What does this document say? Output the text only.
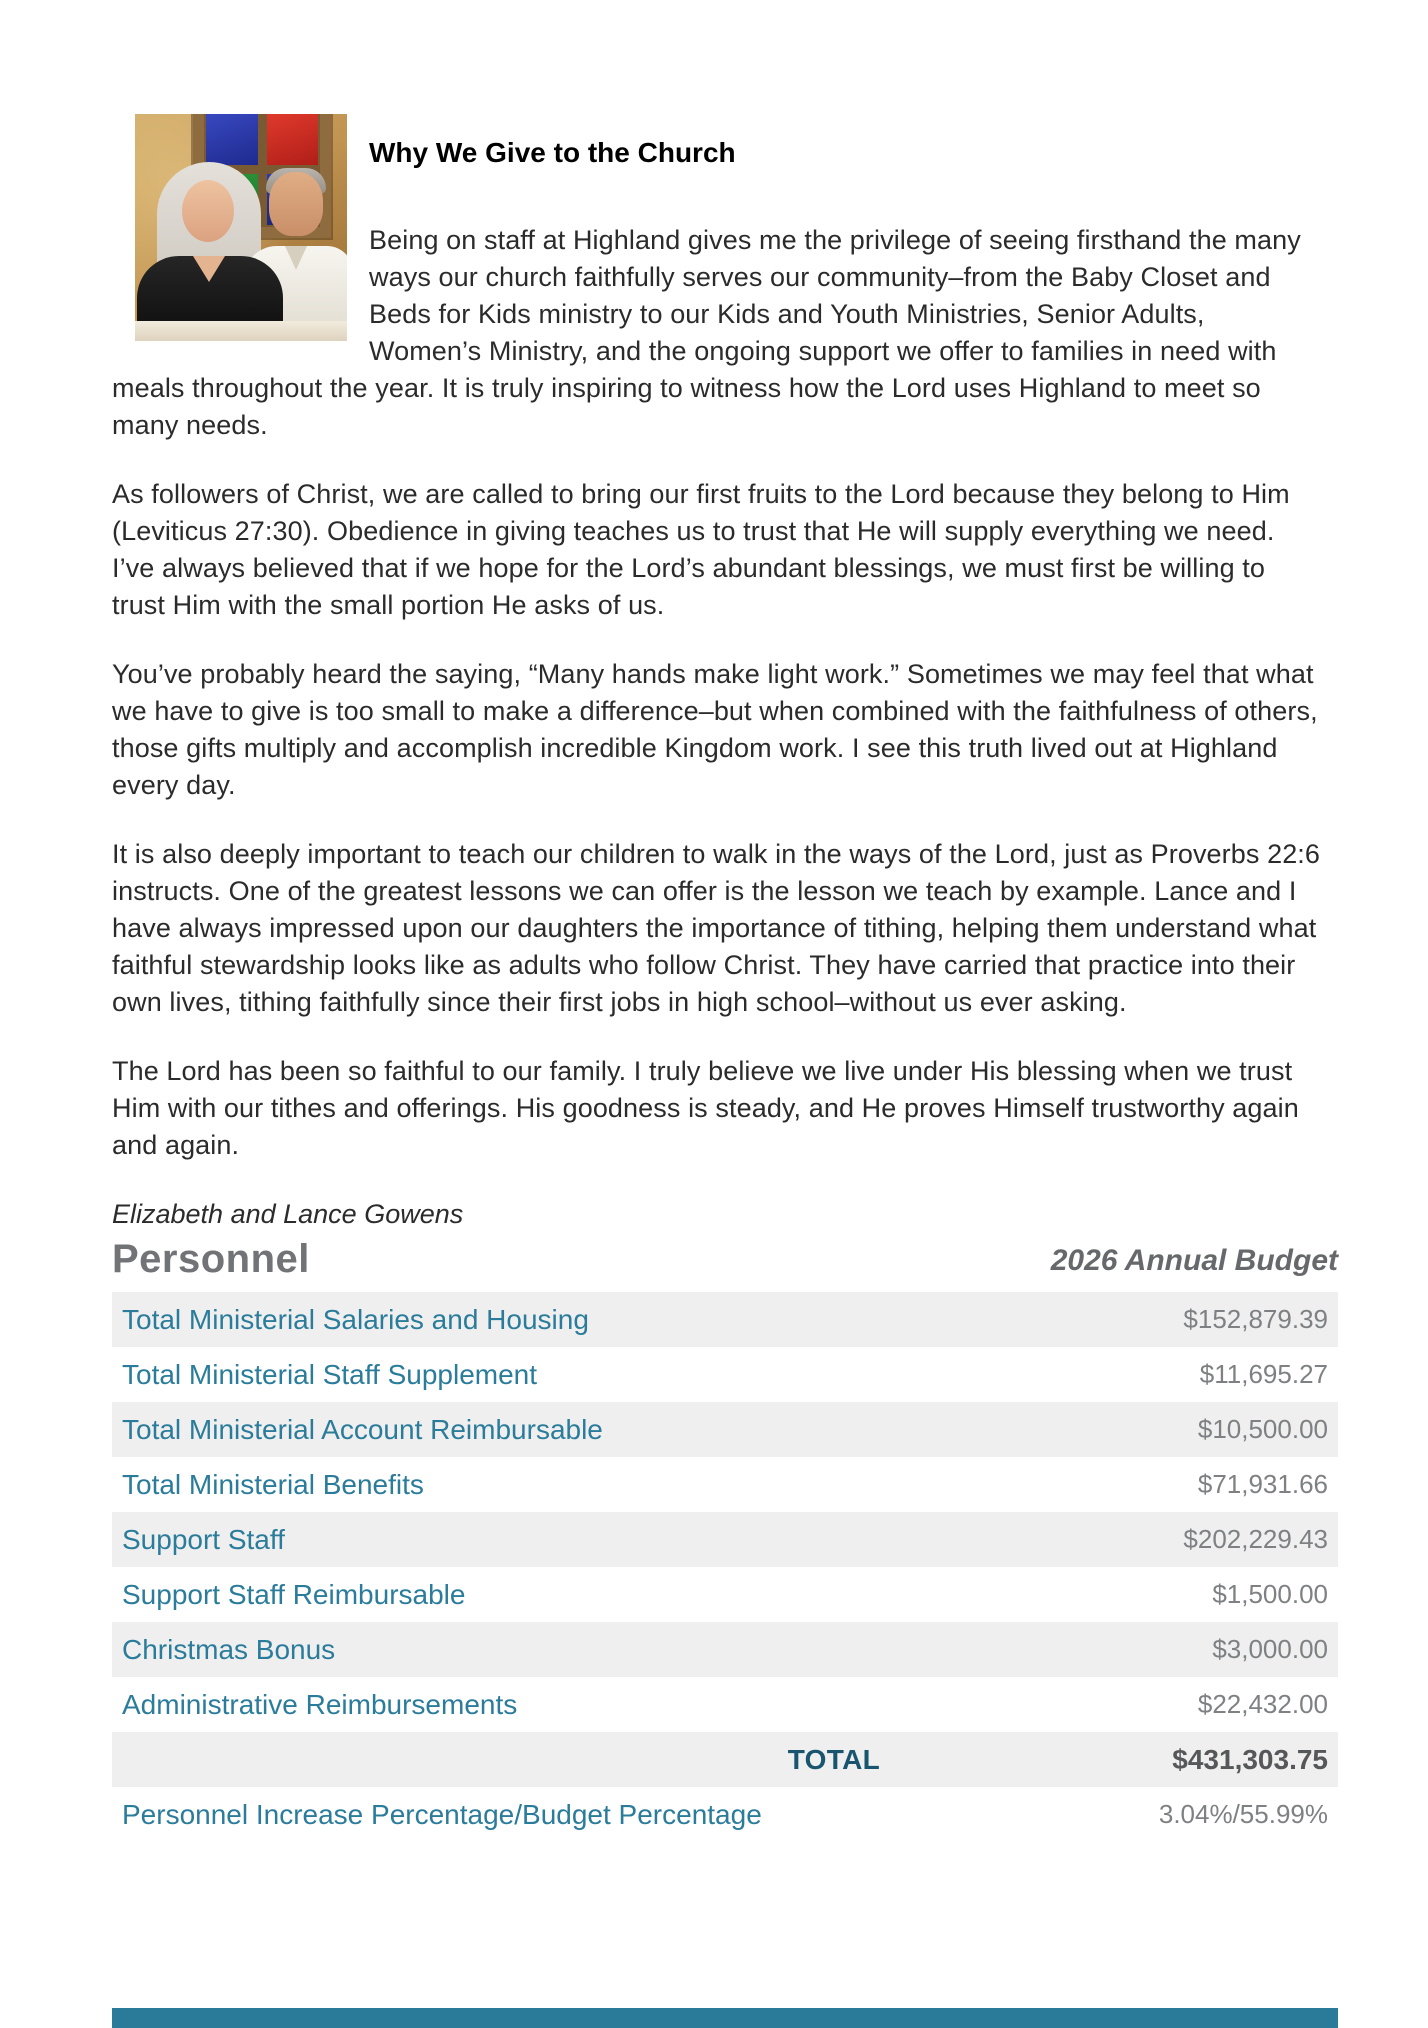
Why We Give to the Church

Being on staff at Highland gives me the privilege of seeing firsthand the many ways our church faithfully serves our community–from the Baby Closet and Beds for Kids ministry to our Kids and Youth Ministries, Senior Adults, Women’s Ministry, and the ongoing support we offer to families in need with meals throughout the year. It is truly inspiring to witness how the Lord uses Highland to meet so many needs.

As followers of Christ, we are called to bring our first fruits to the Lord because they belong to Him (Leviticus 27:30). Obedience in giving teaches us to trust that He will supply everything we need. I’ve always believed that if we hope for the Lord’s abundant blessings, we must first be willing to trust Him with the small portion He asks of us.

You’ve probably heard the saying, “Many hands make light work.” Sometimes we may feel that what we have to give is too small to make a difference–but when combined with the faithfulness of others, those gifts multiply and accomplish incredible Kingdom work. I see this truth lived out at Highland every day.

It is also deeply important to teach our children to walk in the ways of the Lord, just as Proverbs 22:6 instructs. One of the greatest lessons we can offer is the lesson we teach by example. Lance and I have always impressed upon our daughters the importance of tithing, helping them understand what faithful stewardship looks like as adults who follow Christ. They have carried that practice into their own lives, tithing faithfully since their first jobs in high school–without us ever asking.

The Lord has been so faithful to our family. I truly believe we live under His blessing when we trust Him with our tithes and offerings. His goodness is steady, and He proves Himself trustworthy again and again.

Elizabeth and Lance Gowens
Personnel	2026 Annual Budget
Total Ministerial Salaries and Housing	$152,879.39
Total Ministerial Staff Supplement	$11,695.27
Total Ministerial Account Reimbursable	$10,500.00
Total Ministerial Benefits	$71,931.66
Support Staff	$202,229.43
Support Staff Reimbursable	$1,500.00
Christmas Bonus	$3,000.00
Administrative Reimbursements	$22,432.00
TOTAL	$431,303.75
Personnel Increase Percentage/Budget Percentage	3.04%/55.99%
